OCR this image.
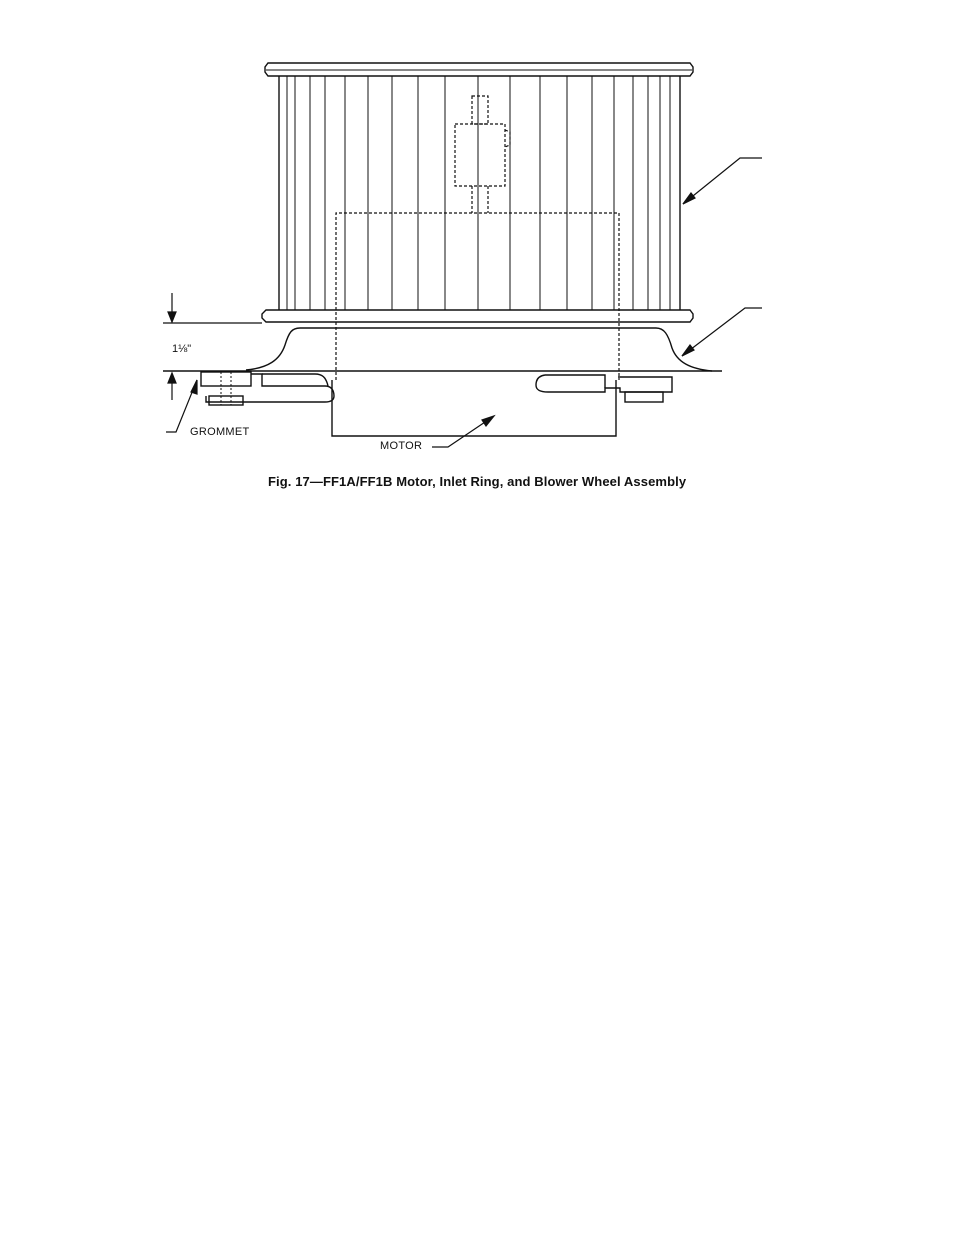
1⅛"
GROMMET
MOTOR
Fig. 17—FF1A/FF1B Motor, Inlet Ring, and Blower Wheel Assembly
